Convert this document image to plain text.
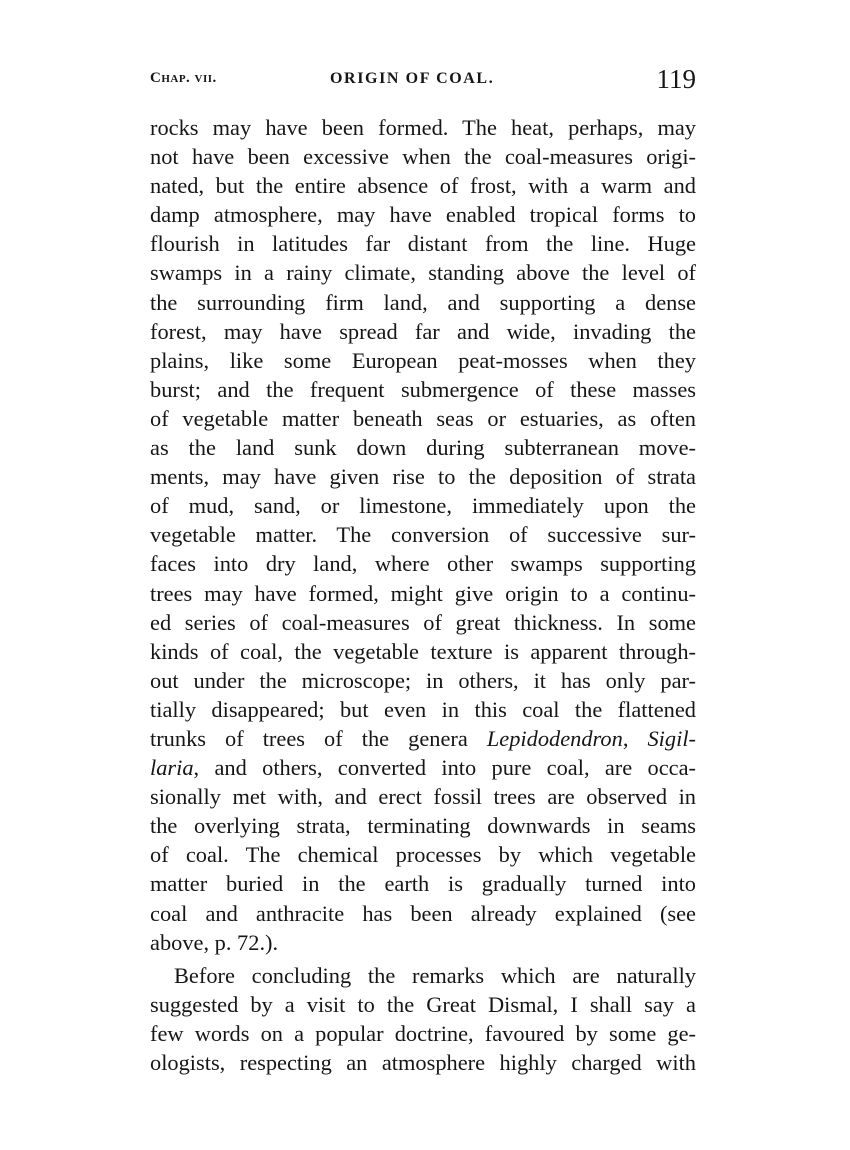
Chap. vii.	ORIGIN OF COAL.	119
rocks may have been formed. The heat, perhaps, may
not have been excessive when the coal-measures origi-
nated, but the entire absence of frost, with a warm and
damp atmosphere, may have enabled tropical forms to
flourish in latitudes far distant from the line. Huge
swamps in a rainy climate, standing above the level of
the surrounding firm land, and supporting a dense
forest, may have spread far and wide, invading the
plains, like some European peat-mosses when they
burst; and the frequent submergence of these masses
of vegetable matter beneath seas or estuaries, as often
as the land sunk down during subterranean move-
ments, may have given rise to the deposition of strata
of mud, sand, or limestone, immediately upon the
vegetable matter. The conversion of successive sur-
faces into dry land, where other swamps supporting
trees may have formed, might give origin to a continu-
ed series of coal-measures of great thickness. In some
kinds of coal, the vegetable texture is apparent through-
out under the microscope; in others, it has only par-
tially disappeared; but even in this coal the flattened
trunks of trees of the genera Lepidodendron, Sigil-
laria, and others, converted into pure coal, are occa-
sionally met with, and erect fossil trees are observed in
the overlying strata, terminating downwards in seams
of coal. The chemical processes by which vegetable
matter buried in the earth is gradually turned into
coal and anthracite has been already explained (see
above, p. 72.).
Before concluding the remarks which are naturally
suggested by a visit to the Great Dismal, I shall say a
few words on a popular doctrine, favoured by some ge-
ologists, respecting an atmosphere highly charged with
